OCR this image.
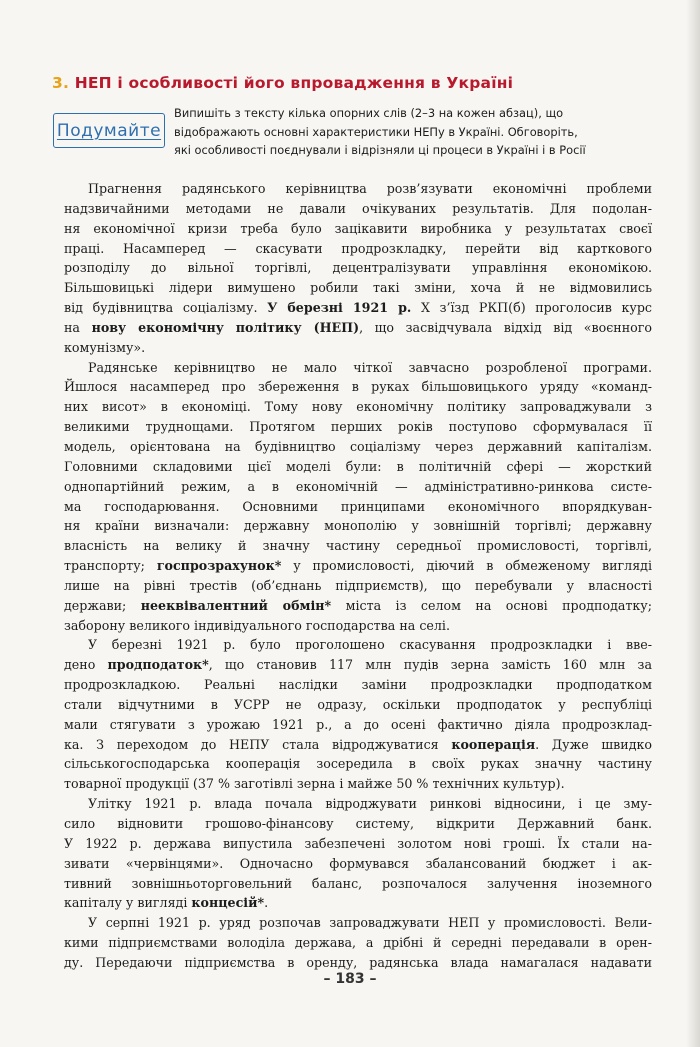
3. НЕП і особливості його впровадження в Україні
Подумайте
Випишіть з тексту кілька опорних слів (2–3 на кожен абзац), що
відображають основні характеристики НЕПу в Україні. Обговоріть,
які особливості поєднували і відрізняли ці процеси в Україні і в Росії
Прагнення радянського керівництва розв’язувати економічні проблеми
надзвичайними методами не давали очікуваних результатів. Для подолан-
ня економічної кризи треба було зацікавити виробника у результатах своєї
праці. Насамперед — скасувати продрозкладку, перейти від карткового
розподілу до вільної торгівлі, децентралізувати управління економікою.
Більшовицькі лідери вимушено робили такі зміни, хоча й не відмовились
від будівництва соціалізму. У березні 1921 р. Х з’їзд РКП(б) проголосив курс
на нову економічну політику (НЕП), що засвідчувала відхід від «воєнного
комунізму».
Радянське керівництво не мало чіткої завчасно розробленої програми.
Йшлося насамперед про збереження в руках більшовицького уряду «команд-
них висот» в економіці. Тому нову економічну політику запроваджували з
великими труднощами. Протягом перших років поступово сформувалася її
модель, орієнтована на будівництво соціалізму через державний капіталізм.
Головними складовими цієї моделі були: в політичній сфері — жорсткий
однопартійний режим, а в економічній — адміністративно-ринкова систе-
ма господарювання. Основними принципами економічного впорядкуван-
ня країни визначали: державну монополію у зовнішній торгівлі; державну
власність на велику й значну частину середньої промисловості, торгівлі,
транспорту; госпрозрахунок* у промисловості, діючий в обмеженому вигляді
лише на рівні трестів (об’єднань підприємств), що перебували у власності
держави; нееквівалентний обмін* міста із селом на основі продподатку;
заборону великого індивідуального господарства на селі.
У березні 1921 р. було проголошено скасування продрозкладки і вве-
дено продподаток*, що становив 117 млн пудів зерна замість 160 млн за
продрозкладкою. Реальні наслідки заміни продрозкладки продподатком
стали відчутними в УСРР не одразу, оскільки продподаток у республіці
мали стягувати з урожаю 1921 р., а до осені фактично діяла продрозклад-
ка. З переходом до НЕПУ стала відроджуватися кооперація. Дуже швидко
сільськогосподарська кооперація зосередила в своїх руках значну частину
товарної продукції (37 % заготівлі зерна і майже 50 % технічних культур).
Улітку 1921 р. влада почала відроджувати ринкові відносини, і це зму-
сило відновити грошово-фінансову систему, відкрити Державний банк.
У 1922 р. держава випустила забезпечені золотом нові гроші. Їх стали на-
зивати «червінцями». Одночасно формувався збалансований бюджет і ак-
тивний зовнішньоторговельний баланс, розпочалося залучення іноземного
капіталу у вигляді концесій*.
У серпні 1921 р. уряд розпочав запроваджувати НЕП у промисловості. Вели-
кими підприємствами володіла держава, а дрібні й середні передавали в орен-
ду. Передаючи підприємства в оренду, радянська влада намагалася надавати
– 183 –
